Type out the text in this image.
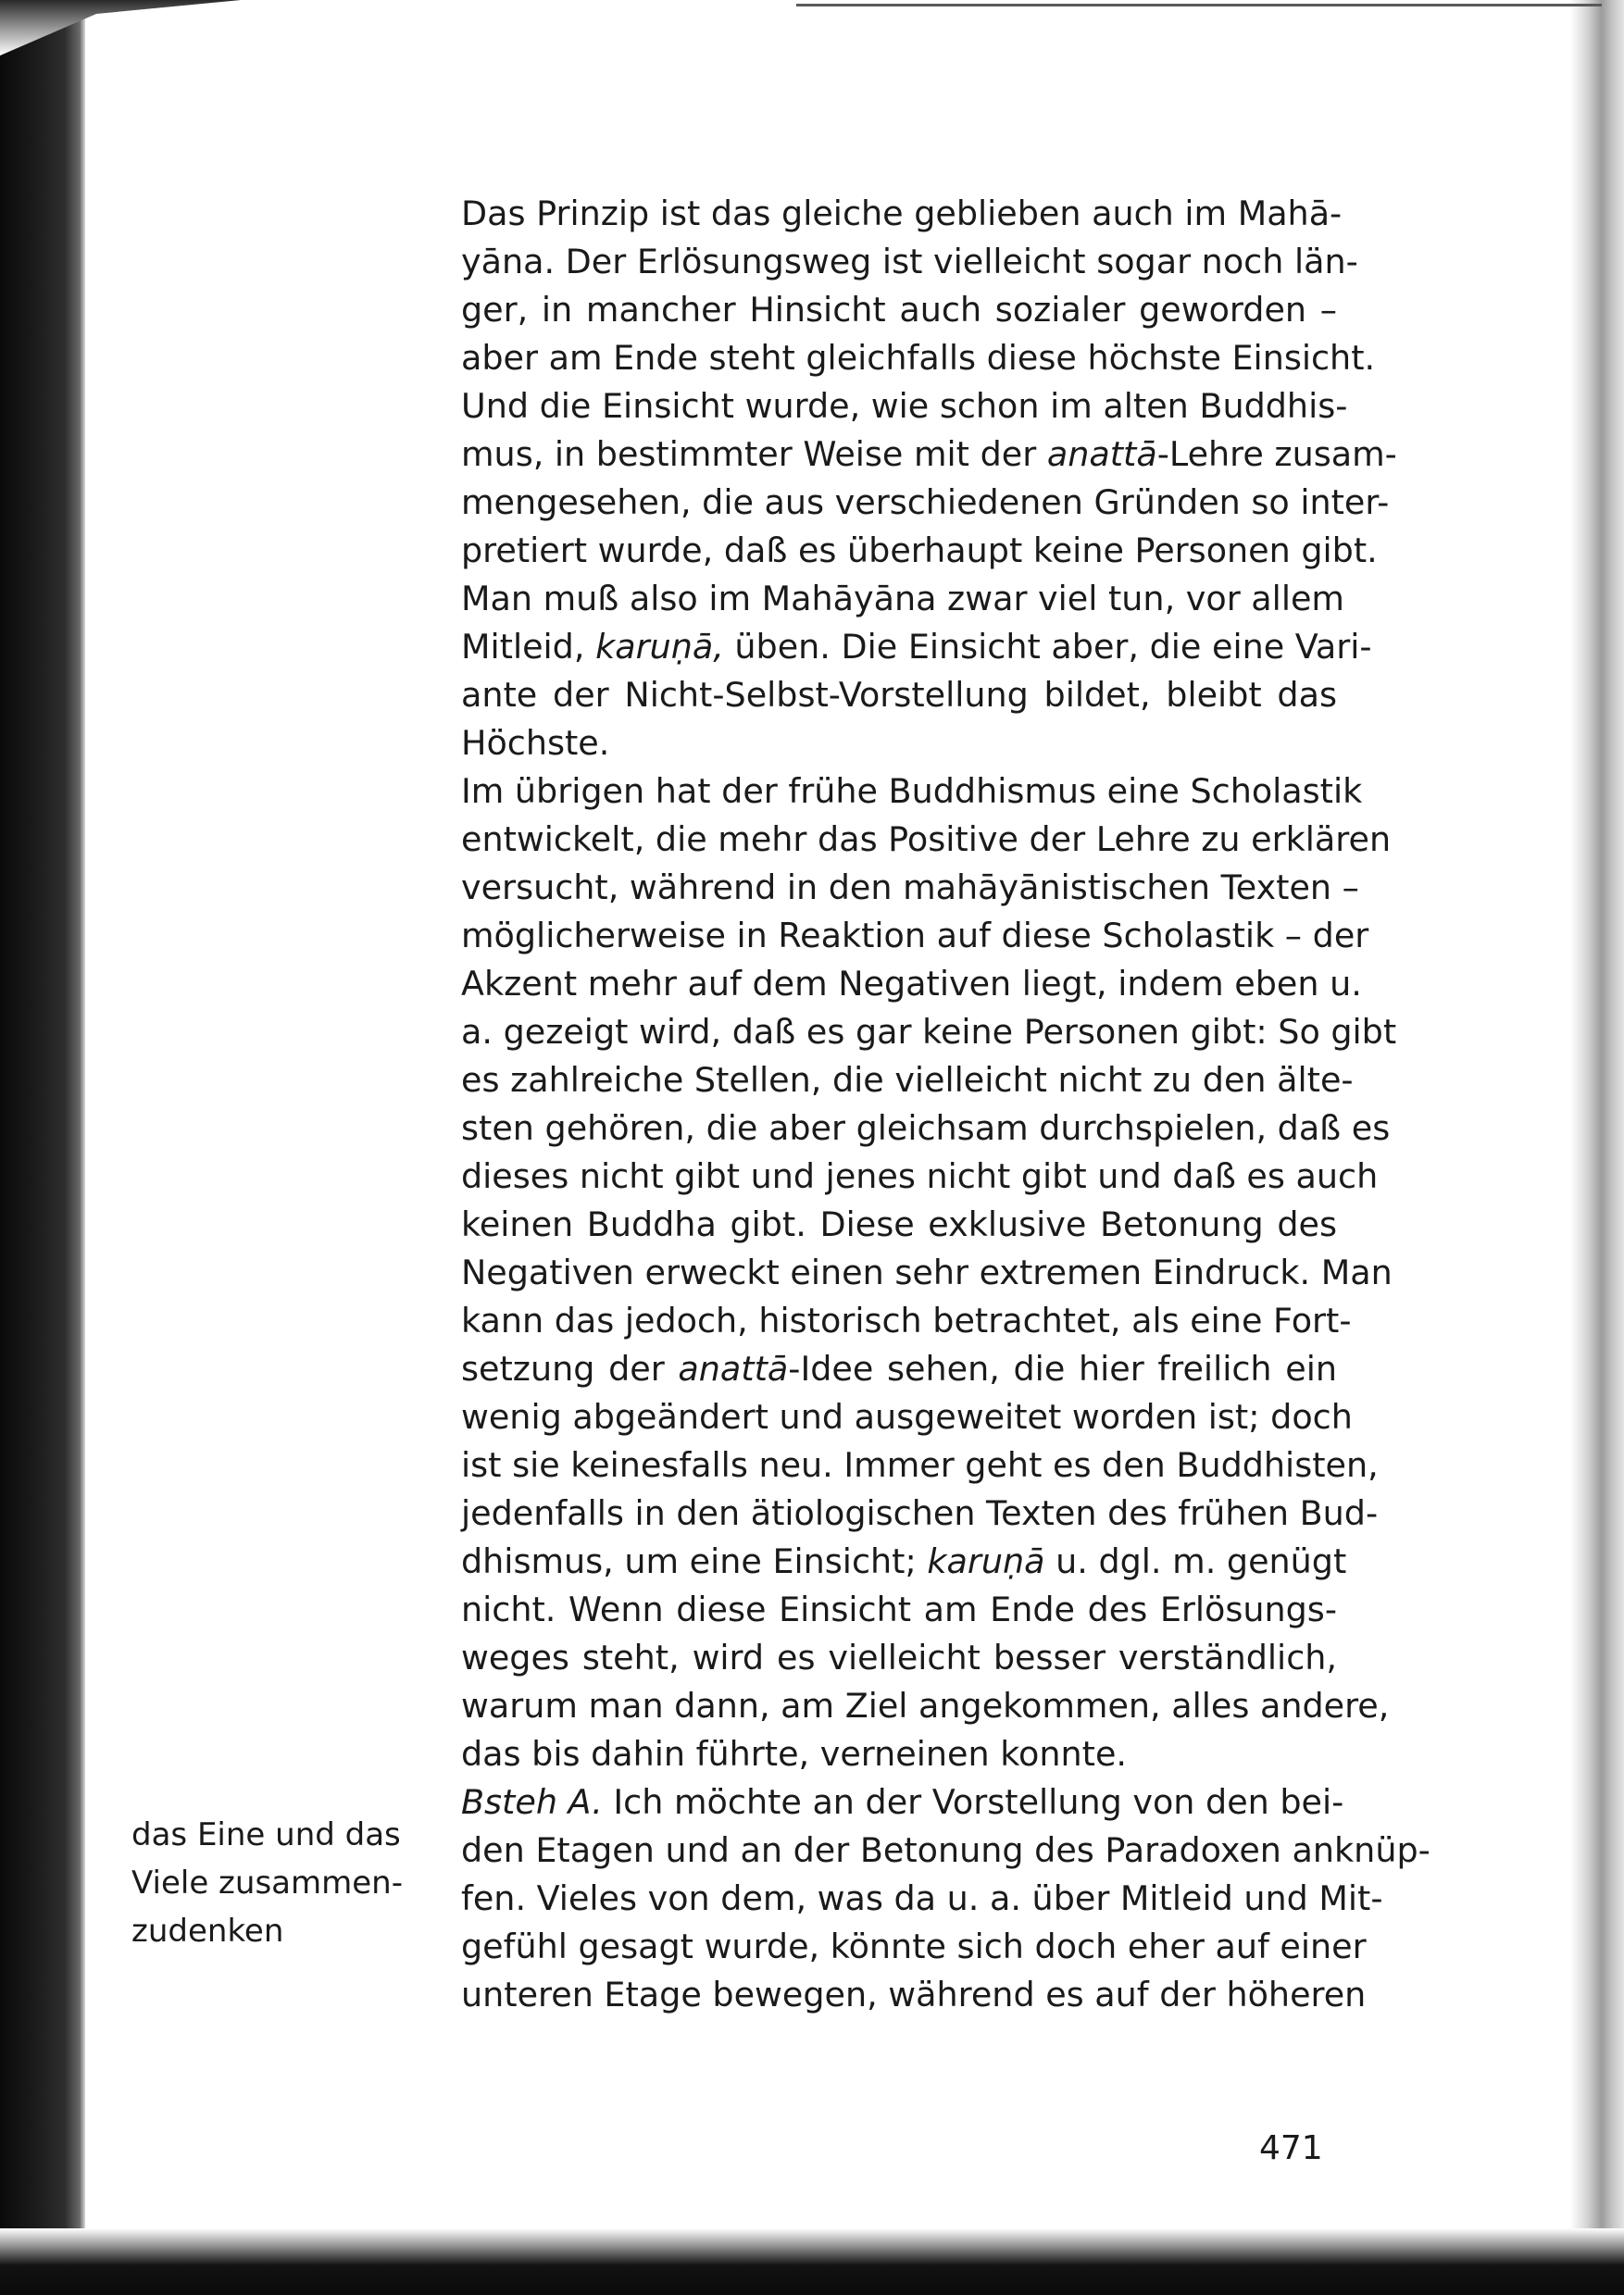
Das Prinzip ist das gleiche geblieben auch im Mahā-
yāna. Der Erlösungsweg ist vielleicht sogar noch län-
ger, in mancher Hinsicht auch sozialer geworden –
aber am Ende steht gleichfalls diese höchste Einsicht.
Und die Einsicht wurde, wie schon im alten Buddhis-
mus, in bestimmter Weise mit der anattā-Lehre zusam-
mengesehen, die aus verschiedenen Gründen so inter-
pretiert wurde, daß es überhaupt keine Personen gibt.
Man muß also im Mahāyāna zwar viel tun, vor allem
Mitleid, karuṇā, üben. Die Einsicht aber, die eine Vari-
ante der Nicht-Selbst-Vorstellung bildet, bleibt das
Höchste.
Im übrigen hat der frühe Buddhismus eine Scholastik
entwickelt, die mehr das Positive der Lehre zu erklären
versucht, während in den mahāyānistischen Texten –
möglicherweise in Reaktion auf diese Scholastik – der
Akzent mehr auf dem Negativen liegt, indem eben u.
a. gezeigt wird, daß es gar keine Personen gibt: So gibt
es zahlreiche Stellen, die vielleicht nicht zu den älte-
sten gehören, die aber gleichsam durchspielen, daß es
dieses nicht gibt und jenes nicht gibt und daß es auch
keinen Buddha gibt. Diese exklusive Betonung des
Negativen erweckt einen sehr extremen Eindruck. Man
kann das jedoch, historisch betrachtet, als eine Fort-
setzung der anattā-Idee sehen, die hier freilich ein
wenig abgeändert und ausgeweitet worden ist; doch
ist sie keinesfalls neu. Immer geht es den Buddhisten,
jedenfalls in den ätiologischen Texten des frühen Bud-
dhismus, um eine Einsicht; karuṇā u. dgl. m. genügt
nicht. Wenn diese Einsicht am Ende des Erlösungs-
weges steht, wird es vielleicht besser verständlich,
warum man dann, am Ziel angekommen, alles andere,
das bis dahin führte, verneinen konnte.
Bsteh A. Ich möchte an der Vorstellung von den bei-
den Etagen und an der Betonung des Paradoxen anknüp-
fen. Vieles von dem, was da u. a. über Mitleid und Mit-
gefühl gesagt wurde, könnte sich doch eher auf einer
unteren Etage bewegen, während es auf der höheren
das Eine und das
Viele zusammen-
zudenken
471
